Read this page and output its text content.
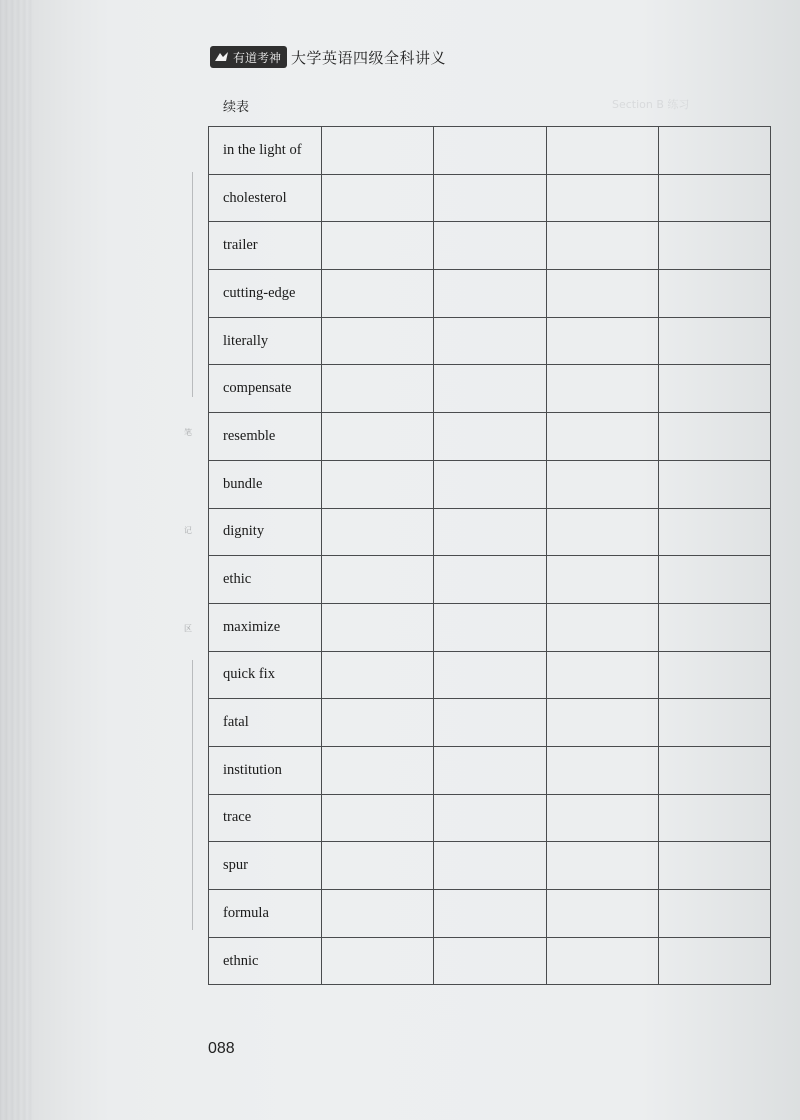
有道考神 大学英语四级全科讲义
Section B 练习
续表
笔
记
区
in the light of				
cholesterol				
trailer				
cutting-edge				
literally				
compensate				
resemble				
bundle				
dignity				
ethic				
maximize				
quick fix				
fatal				
institution				
trace				
spur				
formula				
ethnic				
088
